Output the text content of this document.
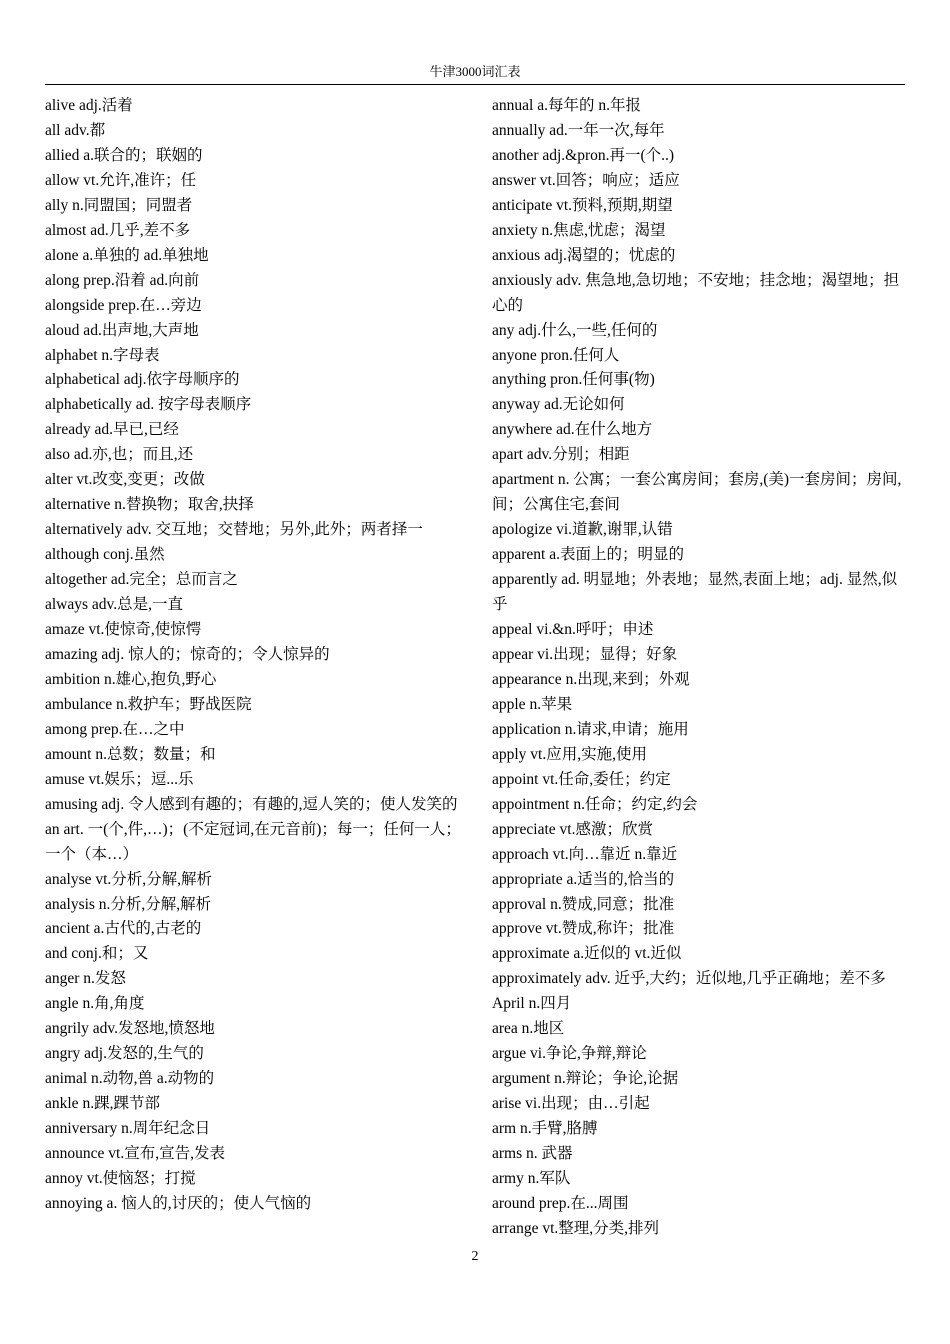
牛津3000词汇表

alive adj.活着

all adv.都

allied a.联合的；联姻的

allow vt.允许,准许；任

ally n.同盟国；同盟者

almost ad.几乎,差不多

alone a.单独的 ad.单独地

along prep.沿着 ad.向前

alongside prep.在…旁边

aloud ad.出声地,大声地

alphabet n.字母表

alphabetical adj.依字母顺序的

alphabetically ad. 按字母表顺序

already ad.早已,已经

also ad.亦,也；而且,还

alter vt.改变,变更；改做

alternative n.替换物；取舍,抉择

alternatively adv. 交互地；交替地；另外,此外；两者择一

although conj.虽然

altogether ad.完全；总而言之

always adv.总是,一直

amaze vt.使惊奇,使惊愕

amazing adj. 惊人的；惊奇的；令人惊异的

ambition n.雄心,抱负,野心

ambulance n.救护车；野战医院

among prep.在…之中

amount n.总数；数量；和

amuse vt.娱乐；逗...乐

amusing adj. 令人感到有趣的；有趣的,逗人笑的；使人发笑的

an art. 一(个,件,…)；(不定冠词,在元音前)；每一；任何一人；一个（本…）

analyse vt.分析,分解,解析

analysis n.分析,分解,解析

ancient a.古代的,古老的

and conj.和；又

anger n.发怒

angle n.角,角度

angrily adv.发怒地,愤怒地

angry adj.发怒的,生气的

animal n.动物,兽 a.动物的

ankle n.踝,踝节部

anniversary n.周年纪念日

announce vt.宣布,宣告,发表

annoy vt.使恼怒；打搅

annoying a. 恼人的,讨厌的；使人气恼的

annual a.每年的 n.年报

annually ad.一年一次,每年

another adj.&pron.再一(个..)

answer vt.回答；响应；适应

anticipate vt.预料,预期,期望

anxiety n.焦虑,忧虑；渴望

anxious adj.渴望的；忧虑的

anxiously adv. 焦急地,急切地；不安地；挂念地；渴望地；担心的

any adj.什么,一些,任何的

anyone pron.任何人

anything pron.任何事(物)

anyway ad.无论如何

anywhere ad.在什么地方

apart adv.分别；相距

apartment n. 公寓；一套公寓房间；套房,(美)一套房间；房间,间；公寓住宅,套间

apologize vi.道歉,谢罪,认错

apparent a.表面上的；明显的

apparently ad. 明显地；外表地；显然,表面上地；adj. 显然,似乎

appeal vi.&n.呼吁；申述

appear vi.出现；显得；好象

appearance n.出现,来到；外观

apple n.苹果

application n.请求,申请；施用

apply vt.应用,实施,使用

appoint vt.任命,委任；约定

appointment n.任命；约定,约会

appreciate vt.感激；欣赏

approach vt.向…靠近 n.靠近

appropriate a.适当的,恰当的

approval n.赞成,同意；批准

approve vt.赞成,称许；批准

approximate a.近似的 vt.近似

approximately adv. 近乎,大约；近似地,几乎正确地；差不多

April n.四月

area n.地区

argue vi.争论,争辩,辩论

argument n.辩论；争论,论据

arise vi.出现；由…引起

arm n.手臂,胳膊

arms n. 武器

army n.军队

around prep.在...周围

arrange vt.整理,分类,排列

2
